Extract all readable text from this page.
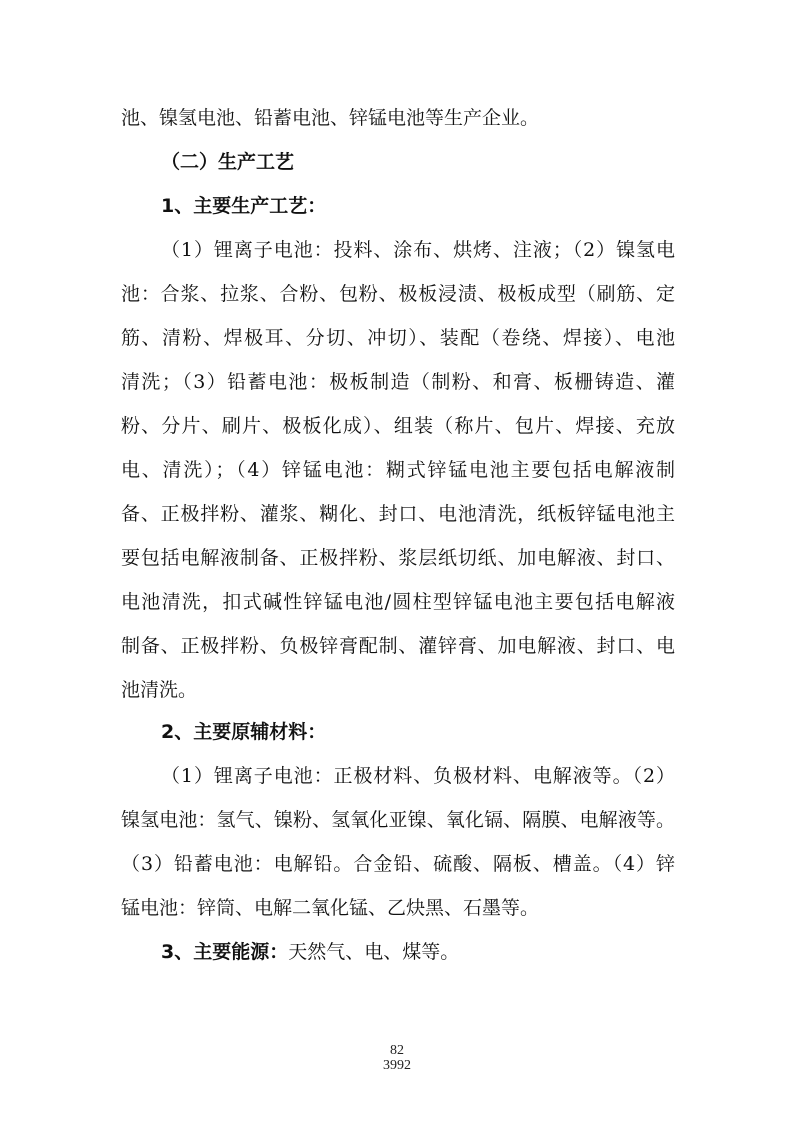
池、镍氢电池、铅蓄电池、锌锰电池等生产企业。
（二）生产工艺
1、主要生产工艺：
（1）锂离子电池：投料、涂布、烘烤、注液；（2）镍氢电
池：合浆、拉浆、合粉、包粉、极板浸渍、极板成型（刷筋、定
筋、清粉、焊极耳、分切、冲切）、装配（卷绕、焊接）、电池
清洗；（3）铅蓄电池：极板制造（制粉、和膏、板栅铸造、灌
粉、分片、刷片、极板化成）、组装（称片、包片、焊接、充放
电、清洗）；（4）锌锰电池：糊式锌锰电池主要包括电解液制
备、正极拌粉、灌浆、糊化、封口、电池清洗，纸板锌锰电池主
要包括电解液制备、正极拌粉、浆层纸切纸、加电解液、封口、
电池清洗，扣式碱性锌锰电池/圆柱型锌锰电池主要包括电解液
制备、正极拌粉、负极锌膏配制、灌锌膏、加电解液、封口、电
池清洗。
2、主要原辅材料：
（1）锂离子电池：正极材料、负极材料、电解液等。（2）
镍氢电池：氢气、镍粉、氢氧化亚镍、氧化镉、隔膜、电解液等。
（3）铅蓄电池：电解铅。合金铅、硫酸、隔板、槽盖。（4）锌
锰电池：锌筒、电解二氧化锰、乙炔黑、石墨等。
3、主要能源：天然气、电、煤等。
82
3992
